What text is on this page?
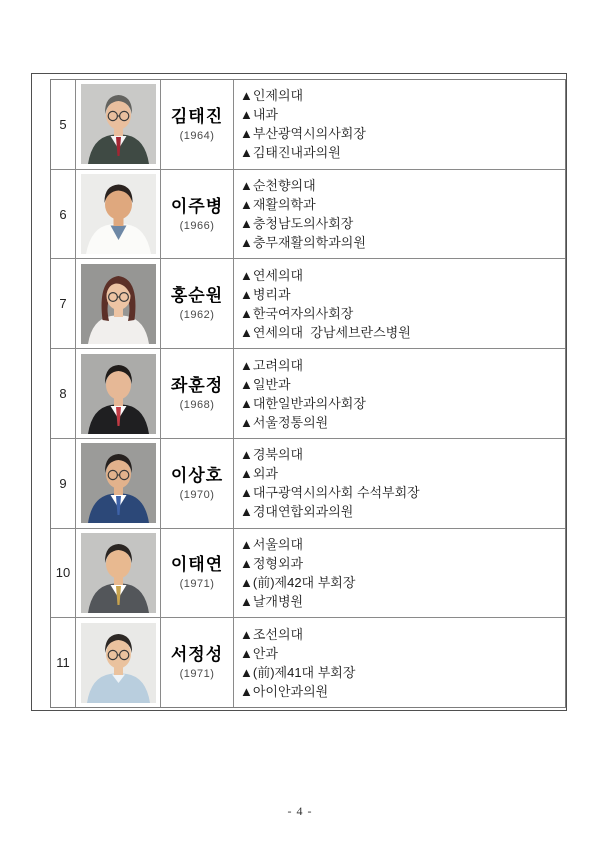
5	김태진
(1964)
▲인제의대
▲내과
▲부산광역시의사회장
▲김태진내과의원
6	이주병
(1966)
▲순천향의대
▲재활의학과
▲충청남도의사회장
▲충무재활의학과의원
7	홍순원
(1962)
▲연세의대
▲병리과
▲한국여자의사회장
▲연세의대  강남세브란스병원
8	좌훈정
(1968)
▲고려의대
▲일반과
▲대한일반과의사회장
▲서울정통의원
9	이상호
(1970)
▲경북의대
▲외과
▲대구광역시의사회 수석부회장
▲경대연합외과의원
10	이태연
(1971)
▲서울의대
▲정형외과
▲(前)제42대 부회장
▲날개병원
11	서정성
(1971)
▲조선의대
▲안과
▲(前)제41대 부회장
▲아이안과의원
- 4 -
